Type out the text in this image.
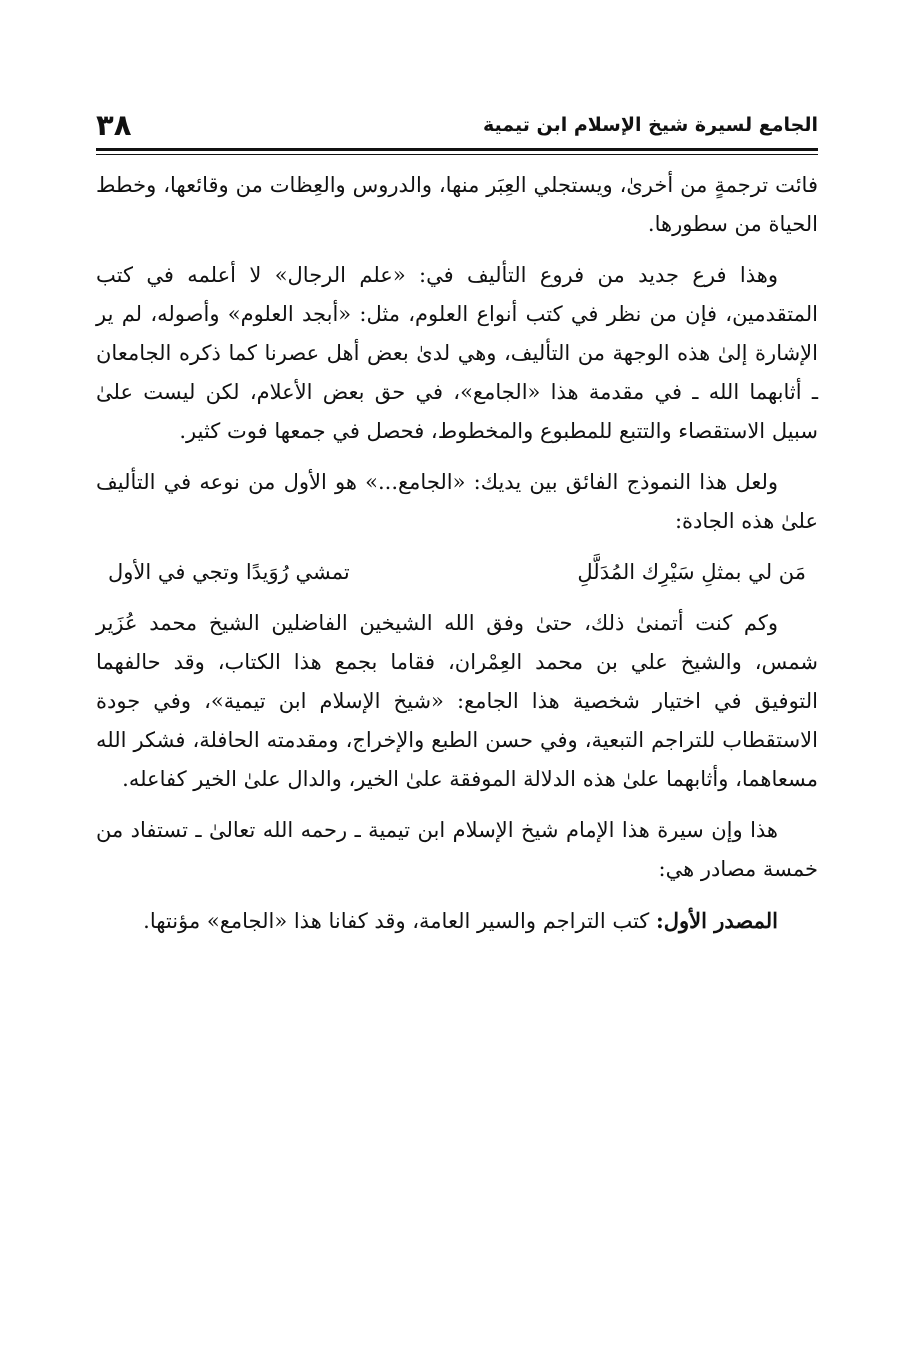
الجامع لسيرة شيخ الإسلام ابن تيمية
٣٨

فائت ترجمةٍ من أخرىٰ، ويستجلي العِبَر منها، والدروس والعِظات من وقائعها، وخطط الحياة من سطورها.

وهذا فرع جديد من فروع التأليف في: «علم الرجال» لا أعلمه في كتب المتقدمين، فإن من نظر في كتب أنواع العلوم، مثل: «أبجد العلوم» وأصوله، لم ير الإشارة إلىٰ هذه الوجهة من التأليف، وهي لدىٰ بعض أهل عصرنا كما ذكره الجامعان ـ أثابهما الله ـ في مقدمة هذا «الجامع»، في حق بعض الأعلام، لكن ليست علىٰ سبيل الاستقصاء والتتبع للمطبوع والمخطوط، فحصل في جمعها فوت كثير.

ولعل هذا النموذج الفائق بين يديك: «الجامع...» هو الأول من نوعه في التأليف علىٰ هذه الجادة:

مَن لي بمثلِ سَيْرِك المُدَلَّلِ
تمشي رُوَيدًا وتجي في الأول

وكم كنت أتمنىٰ ذلك، حتىٰ وفق الله الشيخين الفاضلين الشيخ محمد عُزَير شمس، والشيخ علي بن محمد العِمْران، فقاما بجمع هذا الكتاب، وقد حالفهما التوفيق في اختيار شخصية هذا الجامع: «شيخ الإسلام ابن تيمية»، وفي جودة الاستقطاب للتراجم التبعية، وفي حسن الطبع والإخراج، ومقدمته الحافلة، فشكر الله مسعاهما، وأثابهما علىٰ هذه الدلالة الموفقة علىٰ الخير، والدال علىٰ الخير كفاعله.

هذا وإن سيرة هذا الإمام شيخ الإسلام ابن تيمية ـ رحمه الله تعالىٰ ـ تستفاد من خمسة مصادر هي:

المصدر الأول: كتب التراجم والسير العامة، وقد كفانا هذا «الجامع» مؤنتها.
